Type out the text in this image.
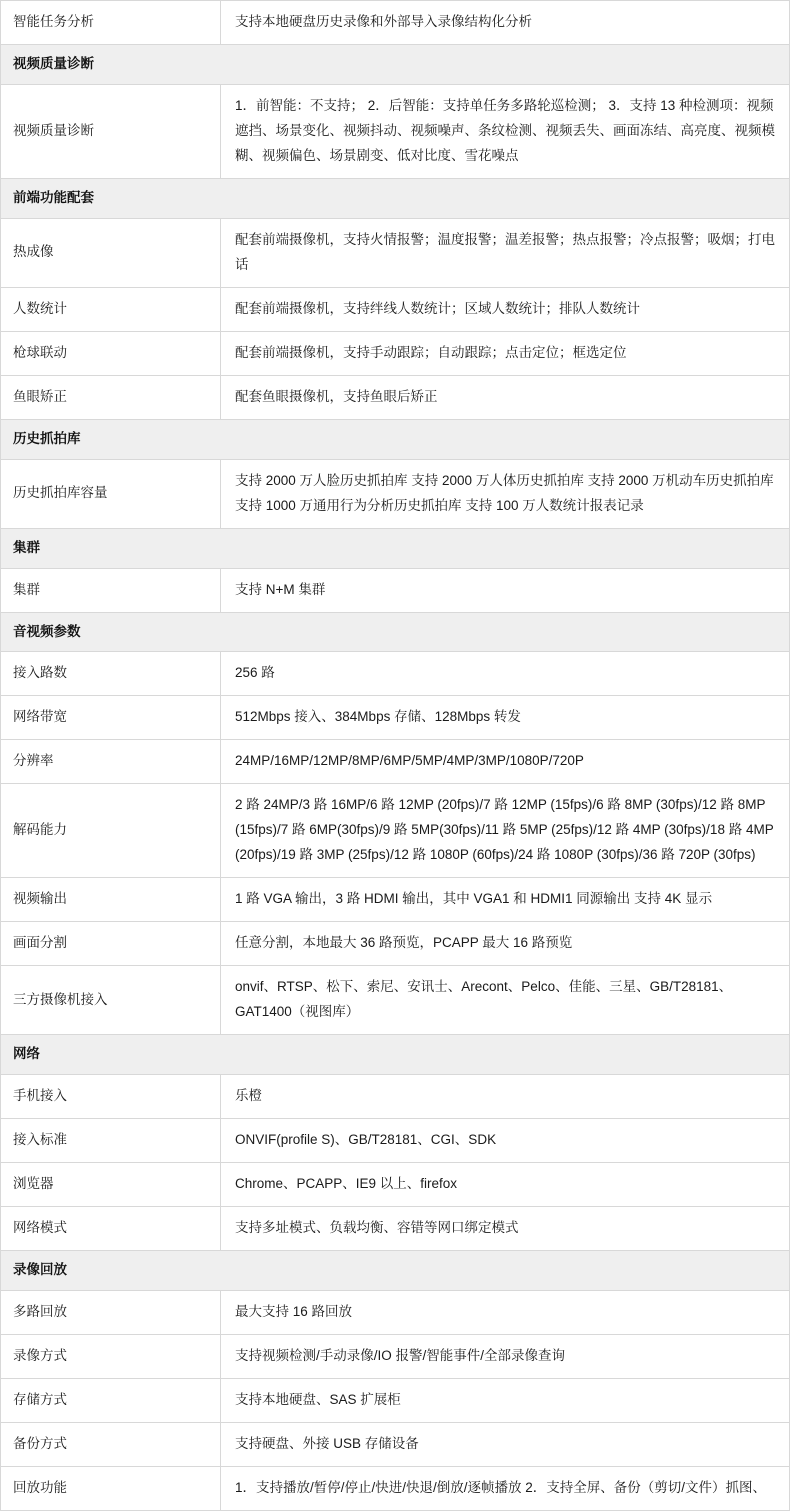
智能任务分析	支持本地硬盘历史录像和外部导入录像结构化分析
视频质量诊断	
视频质量诊断	1．前智能：不支持； 2．后智能：支持单任务多路轮巡检测； 3．支持 13 种检测项：视频遮挡、场景变化、视频抖动、视频噪声、条纹检测、视频丢失、画面冻结、高亮度、视频模糊、视频偏色、场景剧变、低对比度、雪花噪点
前端功能配套	
热成像	配套前端摄像机，支持火情报警；温度报警；温差报警；热点报警；冷点报警；吸烟；打电话
人数统计	配套前端摄像机，支持绊线人数统计；区域人数统计；排队人数统计
枪球联动	配套前端摄像机，支持手动跟踪；自动跟踪；点击定位；框选定位
鱼眼矫正	配套鱼眼摄像机，支持鱼眼后矫正
历史抓拍库	
历史抓拍库容量	支持 2000 万人脸历史抓拍库 支持 2000 万人体历史抓拍库 支持 2000 万机动车历史抓拍库 支持 1000 万通用行为分析历史抓拍库 支持 100 万人数统计报表记录
集群	
集群	支持 N+M 集群
音视频参数	
接入路数	256 路
网络带宽	512Mbps 接入、384Mbps 存储、128Mbps 转发
分辨率	24MP/16MP/12MP/8MP/6MP/5MP/4MP/3MP/1080P/720P
解码能力	2 路 24MP/3 路 16MP/6 路 12MP (20fps)/7 路 12MP (15fps)/6 路 8MP (30fps)/12 路 8MP (15fps)/7 路 6MP(30fps)/9 路 5MP(30fps)/11 路 5MP (25fps)/12 路 4MP (30fps)/18 路 4MP (20fps)/19 路 3MP (25fps)/12 路 1080P (60fps)/24 路 1080P (30fps)/36 路 720P (30fps)
视频输出	1 路 VGA 输出，3 路 HDMI 输出，其中 VGA1 和 HDMI1 同源输出 支持 4K 显示
画面分割	任意分割，本地最大 36 路预览，PCAPP 最大 16 路预览
三方摄像机接入	onvif、RTSP、松下、索尼、安讯士、Arecont、Pelco、佳能、三星、GB/T28181、GAT1400（视图库）
网络	
手机接入	乐橙
接入标准	ONVIF(profile S)、GB/T28181、CGI、SDK
浏览器	Chrome、PCAPP、IE9 以上、firefox
网络模式	支持多址模式、负载均衡、容错等网口绑定模式
录像回放	
多路回放	最大支持 16 路回放
录像方式	支持视频检测/手动录像/IO 报警/智能事件/全部录像查询
存储方式	支持本地硬盘、SAS 扩展柜
备份方式	支持硬盘、外接 USB 存储设备
回放功能	1．支持播放/暂停/停止/快进/快退/倒放/逐帧播放 2．支持全屏、备份（剪切/文件）抓图、
